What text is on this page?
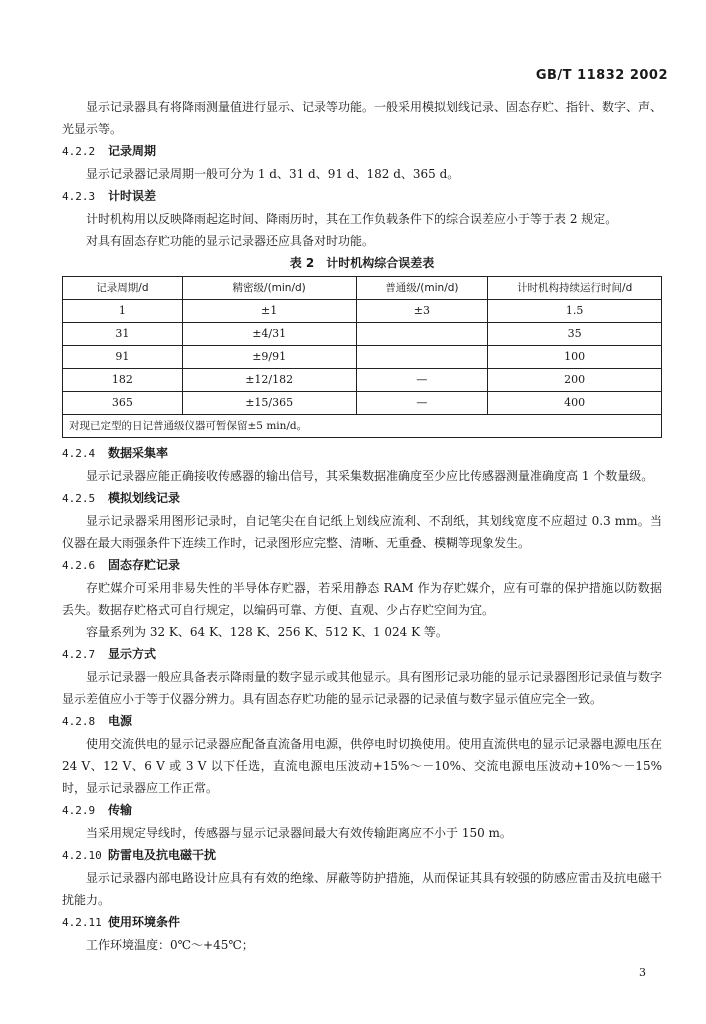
GB/T 11832 2002

显示记录器具有将降雨测量值进行显示、记录等功能。一般采用模拟划线记录、固态存贮、指针、数字、声、光显示等。

4.2.2 记录周期

显示记录器记录周期一般可分为 1 d、31 d、91 d、182 d、365 d。

4.2.3 计时误差

计时机构用以反映降雨起迄时间、降雨历时，其在工作负载条件下的综合误差应小于等于表 2 规定。

对具有固态存贮功能的显示记录器还应具备对时功能。

表 2 计时机构综合误差表

记录周期/d	精密级/(min/d)	普通级/(min/d)	计时机构持续运行时间/d
1	±1	±3	1.5
31	±4/31		35
91	±9/91		100
182	±12/182	—	200
365	±15/365	—	400
对现已定型的日记普通级仪器可暂保留±5 min/d。			

4.2.4 数据采集率

显示记录器应能正确接收传感器的输出信号，其采集数据准确度至少应比传感器测量准确度高 1 个数量级。

4.2.5 模拟划线记录

显示记录器采用图形记录时，自记笔尖在自记纸上划线应流利、不刮纸，其划线宽度不应超过 0.3 mm。当仪器在最大雨强条件下连续工作时，记录图形应完整、清晰、无重叠、模糊等现象发生。

4.2.6 固态存贮记录

存贮媒介可采用非易失性的半导体存贮器，若采用静态 RAM 作为存贮媒介，应有可靠的保护措施以防数据丢失。数据存贮格式可自行规定，以编码可靠、方便、直观、少占存贮空间为宜。

容量系列为 32 K、64 K、128 K、256 K、512 K、1 024 K 等。

4.2.7 显示方式

显示记录器一般应具备表示降雨量的数字显示或其他显示。具有图形记录功能的显示记录器图形记录值与数字显示差值应小于等于仪器分辨力。具有固态存贮功能的显示记录器的记录值与数字显示值应完全一致。

4.2.8 电源

使用交流供电的显示记录器应配备直流备用电源，供停电时切换使用。使用直流供电的显示记录器电源电压在 24 V、12 V、6 V 或 3 V 以下任选，直流电源电压波动+15%～－10%、交流电源电压波动+10%～－15%时，显示记录器应工作正常。

4.2.9 传输

当采用规定导线时，传感器与显示记录器间最大有效传输距离应不小于 150 m。

4.2.10 防雷电及抗电磁干扰

显示记录器内部电路设计应具有有效的绝缘、屏蔽等防护措施，从而保证其具有较强的防感应雷击及抗电磁干扰能力。

4.2.11 使用环境条件

工作环境温度：0℃～+45℃；

3
